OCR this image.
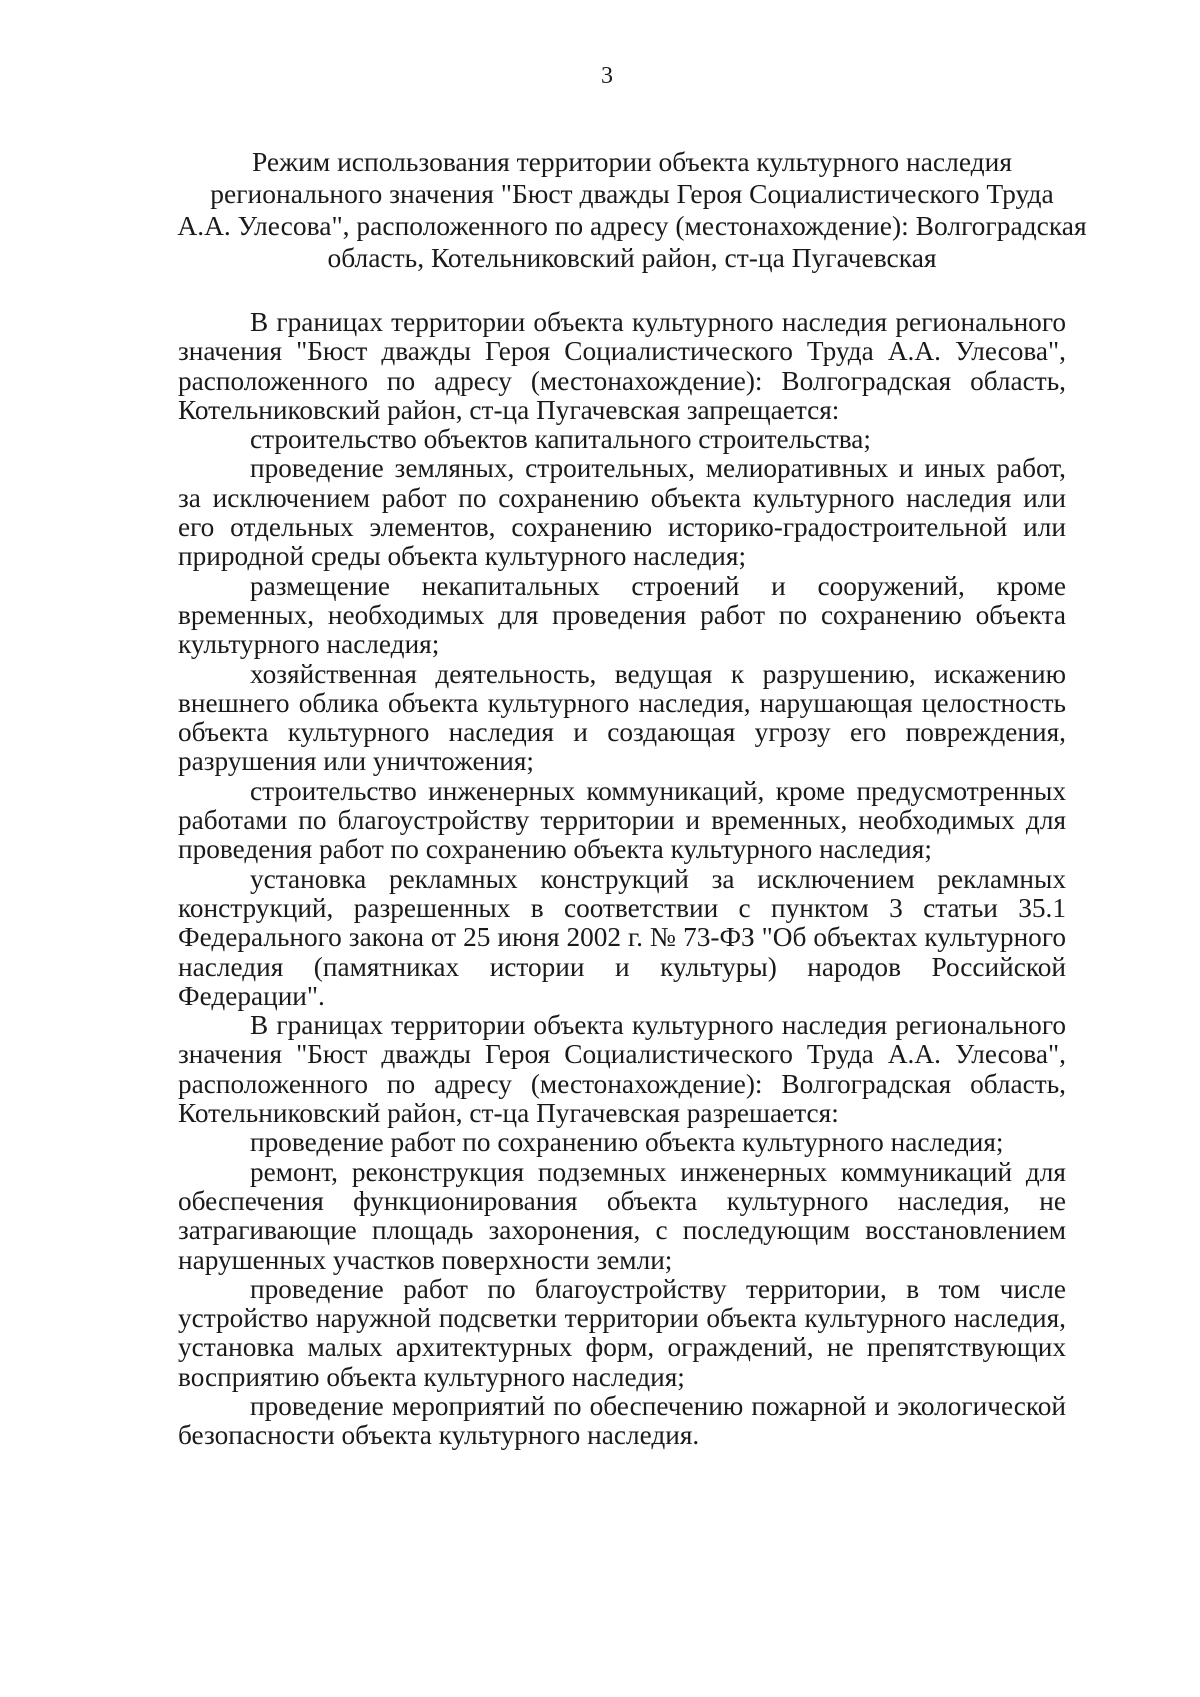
3
Режим использования территории объекта культурного наследия
регионального значения "Бюст дважды Героя Социалистического Труда
А.А. Улесова", расположенного по адресу (местонахождение): Волгоградская
область, Котельниковский район, ст-ца Пугачевская

В границах территории объекта культурного наследия регионального значения "Бюст дважды Героя Социалистического Труда А.А. Улесова", расположенного по адресу (местонахождение): Волгоградская область, Котельниковский район, ст-ца Пугачевская запрещается:

строительство объектов капитального строительства;

проведение земляных, строительных, мелиоративных и иных работ, за исключением работ по сохранению объекта культурного наследия или его отдельных элементов, сохранению историко-градостроительной или природной среды объекта культурного наследия;

размещение некапитальных строений и сооружений, кроме временных, необходимых для проведения работ по сохранению объекта культурного наследия;

хозяйственная деятельность, ведущая к разрушению, искажению внешнего облика объекта культурного наследия, нарушающая целостность объекта культурного наследия и создающая угрозу его повреждения, разрушения или уничтожения;

строительство инженерных коммуникаций, кроме предусмотренных работами по благоустройству территории и временных, необходимых для проведения работ по сохранению объекта культурного наследия;

установка рекламных конструкций за исключением рекламных конструкций, разрешенных в соответствии с пунктом 3 статьи 35.1 Федерального закона от 25 июня 2002 г. № 73-ФЗ "Об объектах культурного наследия (памятниках истории и культуры) народов Российской Федерации".

В границах территории объекта культурного наследия регионального значения "Бюст дважды Героя Социалистического Труда А.А. Улесова", расположенного по адресу (местонахождение): Волгоградская область, Котельниковский район, ст-ца Пугачевская разрешается:

проведение работ по сохранению объекта культурного наследия;

ремонт, реконструкция подземных инженерных коммуникаций для обеспечения функционирования объекта культурного наследия, не затрагивающие площадь захоронения, с последующим восстановлением нарушенных участков поверхности земли;

проведение работ по благоустройству территории, в том числе устройство наружной подсветки территории объекта культурного наследия, установка малых архитектурных форм, ограждений, не препятствующих восприятию объекта культурного наследия;

проведение мероприятий по обеспечению пожарной и экологической безопасности объекта культурного наследия.
